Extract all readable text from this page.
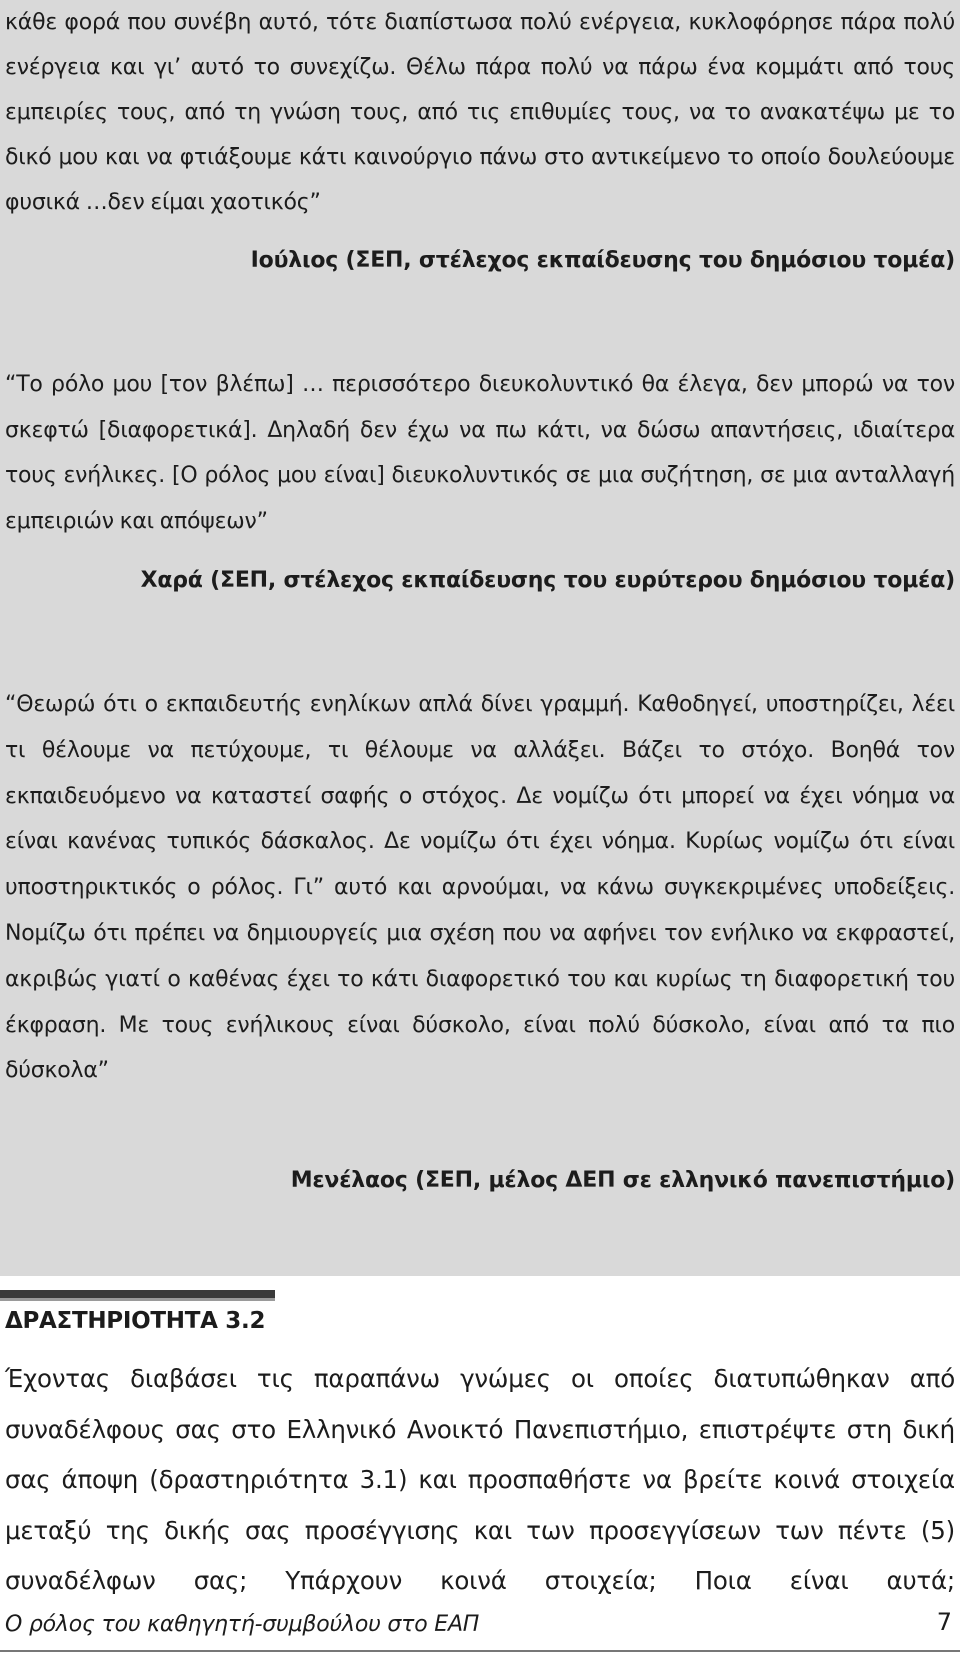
κάθε φορά που συνέβη αυτό, τότε διαπίστωσα πολύ ενέργεια, κυκλοφόρησε πάρα πολύ ενέργεια και γι’ αυτό το συνεχίζω. Θέλω πάρα πολύ να πάρω ένα κομμάτι από τους εμπειρίες τους, από τη γνώση τους, από τις επιθυμίες τους, να το ανακατέψω με το δικό μου και να φτιάξουμε κάτι καινούργιο πάνω στο αντικείμενο το οποίο δουλεύουμε φυσικά …δεν είμαι χαοτικός”

Ιούλιος (ΣΕΠ, στέλεχος εκπαίδευσης του δημόσιου τομέα)

“Το ρόλο μου [τον βλέπω] … περισσότερο διευκολυντικό θα έλεγα, δεν μπορώ να τον σκεφτώ [διαφορετικά]. Δηλαδή δεν έχω να πω κάτι, να δώσω απαντήσεις, ιδιαίτερα τους ενήλικες. [Ο ρόλος μου είναι] διευκολυντικός σε μια συζήτηση, σε μια ανταλλαγή εμπειριών και απόψεων”

Χαρά (ΣΕΠ, στέλεχος εκπαίδευσης του ευρύτερου δημόσιου τομέα)

“Θεωρώ ότι ο εκπαιδευτής ενηλίκων απλά δίνει γραμμή. Καθοδηγεί, υποστηρίζει, λέει τι θέλουμε να πετύχουμε, τι θέλουμε να αλλάξει. Βάζει το στόχο. Βοηθά τον εκπαιδευόμενο να καταστεί σαφής ο στόχος. Δε νομίζω ότι μπορεί να έχει νόημα να είναι κανένας τυπικός δάσκαλος. Δε νομίζω ότι έχει νόημα. Κυρίως νομίζω ότι είναι υποστηρικτικός ο ρόλος. Γι” αυτό και αρνούμαι, να κάνω συγκεκριμένες υποδείξεις. Νομίζω ότι πρέπει να δημιουργείς μια σχέση που να αφήνει τον ενήλικο να εκφραστεί, ακριβώς γιατί ο καθένας έχει το κάτι διαφορετικό του και κυρίως τη διαφορετική του έκφραση. Με τους ενήλικους είναι δύσκολο, είναι πολύ δύσκολο, είναι από τα πιο δύσκολα”

Μενέλαος (ΣΕΠ, μέλος ΔΕΠ σε ελληνικό πανεπιστήμιο)

ΔΡΑΣΤΗΡΙΟΤΗΤΑ 3.2

Έχοντας διαβάσει τις παραπάνω γνώμες οι οποίες διατυπώθηκαν από συναδέλφους σας στο Ελληνικό Ανοικτό Πανεπιστήμιο, επιστρέψτε στη δική σας άποψη (δραστηριότητα 3.1) και προσπαθήστε να βρείτε κοινά στοιχεία μεταξύ της δικής σας προσέγγισης και των προσεγγίσεων των πέντε (5) συναδέλφων σας; Υπάρχουν κοινά στοιχεία; Ποια είναι αυτά;

Ο ρόλος του καθηγητή-συμβούλου στο ΕΑΠ	7
